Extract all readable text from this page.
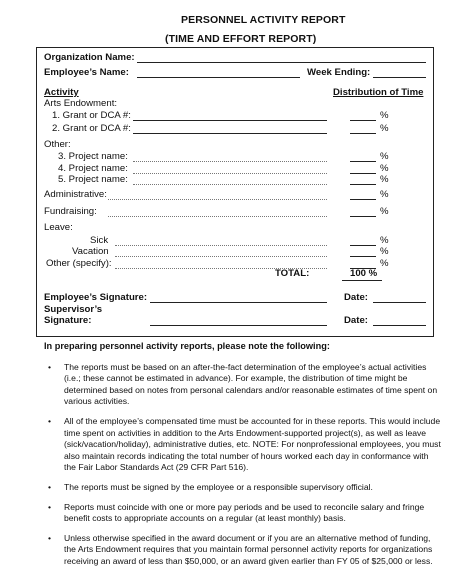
PERSONNEL ACTIVITY REPORT
(TIME AND EFFORT REPORT)
Organization Name:
Employee’s Name:	Week Ending:
Activity	Distribution of Time
Arts Endowment:
1. Grant or DCA #:	%
2. Grant or DCA #:	%
Other:
3. Project name:	%
4. Project name:	%
5. Project name:	%
Administrative:	%
Fundraising:	%
Leave:
Sick	%
Vacation	%
Other (specify):	%
TOTAL:	100 %
Employee’s Signature:	Date:
Supervisor’s
Signature:	Date:
In preparing personnel activity reports, please note the following:
• The reports must be based on an after-the-fact determination of the employee’s actual activities (i.e.; these cannot be estimated in advance). For example, the distribution of time might be determined based on notes from personal calendars and/or reasonable estimates of time spent on various activities.
• All of the employee’s compensated time must be accounted for in these reports. This would include time spent on activities in addition to the Arts Endowment-supported project(s), as well as leave (sick/vacation/holiday), administrative duties, etc. NOTE: For nonprofessional employees, you must also maintain records indicating the total number of hours worked each day in conformance with the Fair Labor Standards Act (29 CFR Part 516).
• The reports must be signed by the employee or a responsible supervisory official.
• Reports must coincide with one or more pay periods and be used to reconcile salary and fringe benefit costs to appropriate accounts on a regular (at least monthly) basis.
• Unless otherwise specified in the award document or if you are an alternative method of funding, the Arts Endowment requires that you maintain formal personnel activity reports for organizations receiving an award of less than $50,000, or an award given earlier than FY 05 of $25,000 or less.
